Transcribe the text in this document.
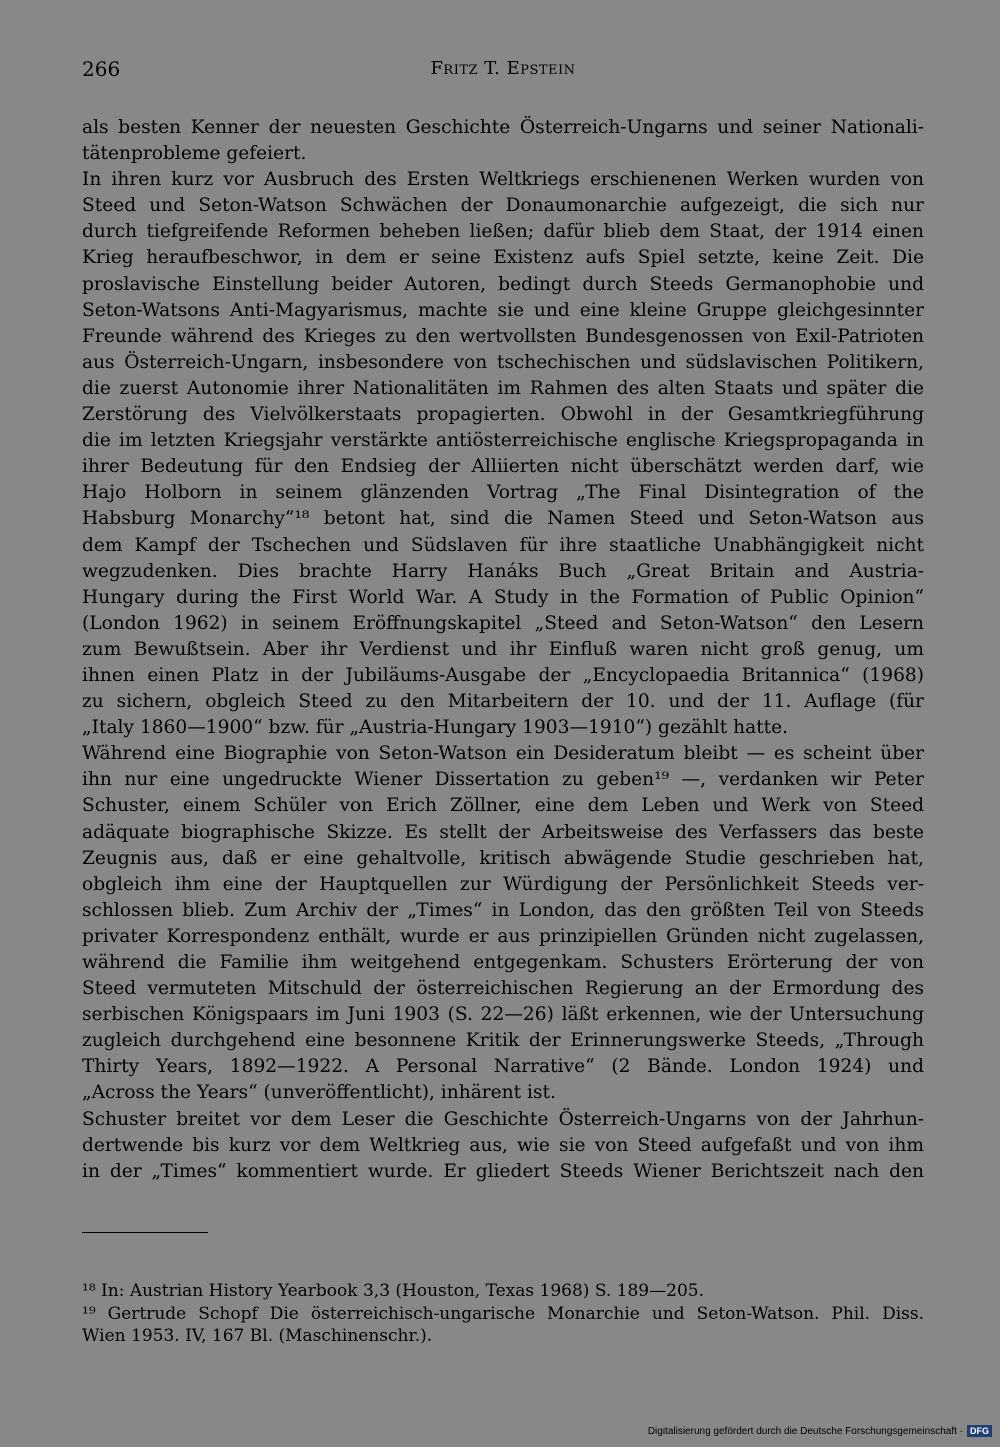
266	Fritz T. Epstein

als besten Kenner der neuesten Geschichte Österreich-Ungarns und seiner Nationali-

tätenprobleme gefeiert.

In ihren kurz vor Ausbruch des Ersten Weltkriegs erschienenen Werken wurden von

Steed und Seton-Watson Schwächen der Donaumonarchie aufgezeigt, die sich nur

durch tiefgreifende Reformen beheben ließen; dafür blieb dem Staat, der 1914 einen

Krieg heraufbeschwor, in dem er seine Existenz aufs Spiel setzte, keine Zeit. Die

proslavische Einstellung beider Autoren, bedingt durch Steeds Germanophobie und

Seton-Watsons Anti-Magyarismus, machte sie und eine kleine Gruppe gleichgesinnter

Freunde während des Krieges zu den wertvollsten Bundesgenossen von Exil-Patrioten

aus Österreich-Ungarn, insbesondere von tschechischen und südslavischen Politikern,

die zuerst Autonomie ihrer Nationalitäten im Rahmen des alten Staats und später die

Zerstörung des Vielvölkerstaats propagierten. Obwohl in der Gesamtkriegführung

die im letzten Kriegsjahr verstärkte antiösterreichische englische Kriegspropaganda in

ihrer Bedeutung für den Endsieg der Alliierten nicht überschätzt werden darf, wie

Hajo Holborn in seinem glänzenden Vortrag „The Final Disintegration of the

Habsburg Monarchy“¹⁸ betont hat, sind die Namen Steed und Seton-Watson aus

dem Kampf der Tschechen und Südslaven für ihre staatliche Unabhängigkeit nicht

wegzudenken. Dies brachte Harry Hanáks Buch „Great Britain and Austria-

Hungary during the First World War. A Study in the Formation of Public Opinion“

(London 1962) in seinem Eröffnungskapitel „Steed and Seton-Watson“ den Lesern

zum Bewußtsein. Aber ihr Verdienst und ihr Einfluß waren nicht groß genug, um

ihnen einen Platz in der Jubiläums-Ausgabe der „Encyclopaedia Britannica“ (1968)

zu sichern, obgleich Steed zu den Mitarbeitern der 10. und der 11. Auflage (für

„Italy 1860—1900“ bzw. für „Austria-Hungary 1903—1910“) gezählt hatte.

Während eine Biographie von Seton-Watson ein Desideratum bleibt — es scheint über

ihn nur eine ungedruckte Wiener Dissertation zu geben¹⁹ —, verdanken wir Peter

Schuster, einem Schüler von Erich Zöllner, eine dem Leben und Werk von Steed

adäquate biographische Skizze. Es stellt der Arbeitsweise des Verfassers das beste

Zeugnis aus, daß er eine gehaltvolle, kritisch abwägende Studie geschrieben hat,

obgleich ihm eine der Hauptquellen zur Würdigung der Persönlichkeit Steeds ver-

schlossen blieb. Zum Archiv der „Times“ in London, das den größten Teil von Steeds

privater Korrespondenz enthält, wurde er aus prinzipiellen Gründen nicht zugelassen,

während die Familie ihm weitgehend entgegenkam. Schusters Erörterung der von

Steed vermuteten Mitschuld der österreichischen Regierung an der Ermordung des

serbischen Königspaars im Juni 1903 (S. 22—26) läßt erkennen, wie der Untersuchung

zugleich durchgehend eine besonnene Kritik der Erinnerungswerke Steeds, „Through

Thirty Years, 1892—1922. A Personal Narrative“ (2 Bände. London 1924) und

„Across the Years“ (unveröffentlicht), inhärent ist.

Schuster breitet vor dem Leser die Geschichte Österreich-Ungarns von der Jahrhun-

dertwende bis kurz vor dem Weltkrieg aus, wie sie von Steed aufgefaßt und von ihm

in der „Times“ kommentiert wurde. Er gliedert Steeds Wiener Berichtszeit nach den

¹⁸ In: Austrian History Yearbook 3,3 (Houston, Texas 1968) S. 189—205.

¹⁹ Gertrude Schopf Die österreichisch-ungarische Monarchie und Seton-Watson. Phil. Diss.

Wien 1953. IV, 167 Bl. (Maschinenschr.).

Digitalisierung gefördert durch die Deutsche Forschungsgemeinschaft · DFG
